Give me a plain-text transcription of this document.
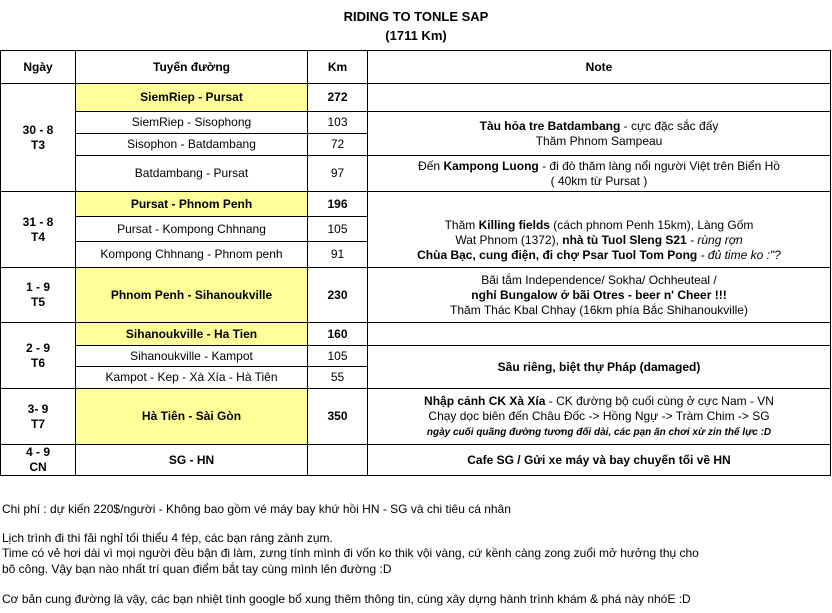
RIDING TO TONLE SAP
(1711 Km)
Ngày	Tuyến đường	Km	Note
30 - 8
T3	SiemRiep - Pursat	272	
	SiemRiep - Sisophong	103	Tàu hỏa tre Batdambang - cực đặc sắc đấy
Thăm Phnom Sampeau
	Sisophon - Batdambang	72	
	Batdambang - Pursat	97	Đến Kampong Luong - đi đò thăm làng nổi người Việt trên Biển Hồ
( 40km từ Pursat )
31 - 8
T4	Pursat - Phnom Penh	196	Thăm Killing fields (cách phnom Penh 15km), Làng Gốm
Wat Phnom (1372), nhà tù Tuol Sleng S21 - rùng rợn
Chùa Bạc, cung điện, đi chợ Psar Tuol Tom Pong - đủ time ko :"?
	Pursat - Kompong Chhnang	105	
	Kompong Chhnang - Phnom penh	91	
1 - 9
T5	Phnom Penh - Sihanoukville	230	Bãi tắm Independence/ Sokha/ Ochheuteal /
nghỉ Bungalow ở bãi Otres - beer n' Cheer !!!
Thăm Thác Kbal Chhay (16km phía Bắc Shihanoukville)
2 - 9
T6	Sihanoukville - Ha Tien	160	
	Sihanoukville - Kampot	105	Sầu riêng, biệt thự Pháp (damaged)
	Kampot - Kep - Xà Xía - Hà Tiên	55	
3- 9
T7	Hà Tiên - Sài Gòn	350	Nhập cảnh CK Xà Xía - CK đường bộ cuối cùng ở cực Nam - VN
Chạy dọc biên đến Châu Đốc -> Hồng Ngự -> Tràm Chim -> SG
ngày cuối quãng đường tương đối dài, các pạn ăn chơi xừ zin thế lực :D
4 - 9
CN	SG - HN		Cafe SG / Gửi xe máy và bay chuyến tối về HN
Chi phí : dự kiến 220$/người - Không bao gồm vé máy bay khứ hồi HN - SG và chi tiêu cá nhân
Lịch trình đi thì fải nghỉ tối thiểu 4 fép, các bạn ráng zành zụm.
Time có vẻ hơi dài vì mọi người đều bận đi làm, zưng tính mình đi vốn ko thik vội vàng, cứ kềnh càng zong zuổi mở hưởng thụ cho
bõ công. Vậy bạn nào nhất trí quan điểm bắt tay cùng mình lên đường :D
Cơ bản cung đường là vậy, các bạn nhiệt tình google bổ xung thêm thông tin, cùng xây dựng hành trình khám & phá này nhóE :D
